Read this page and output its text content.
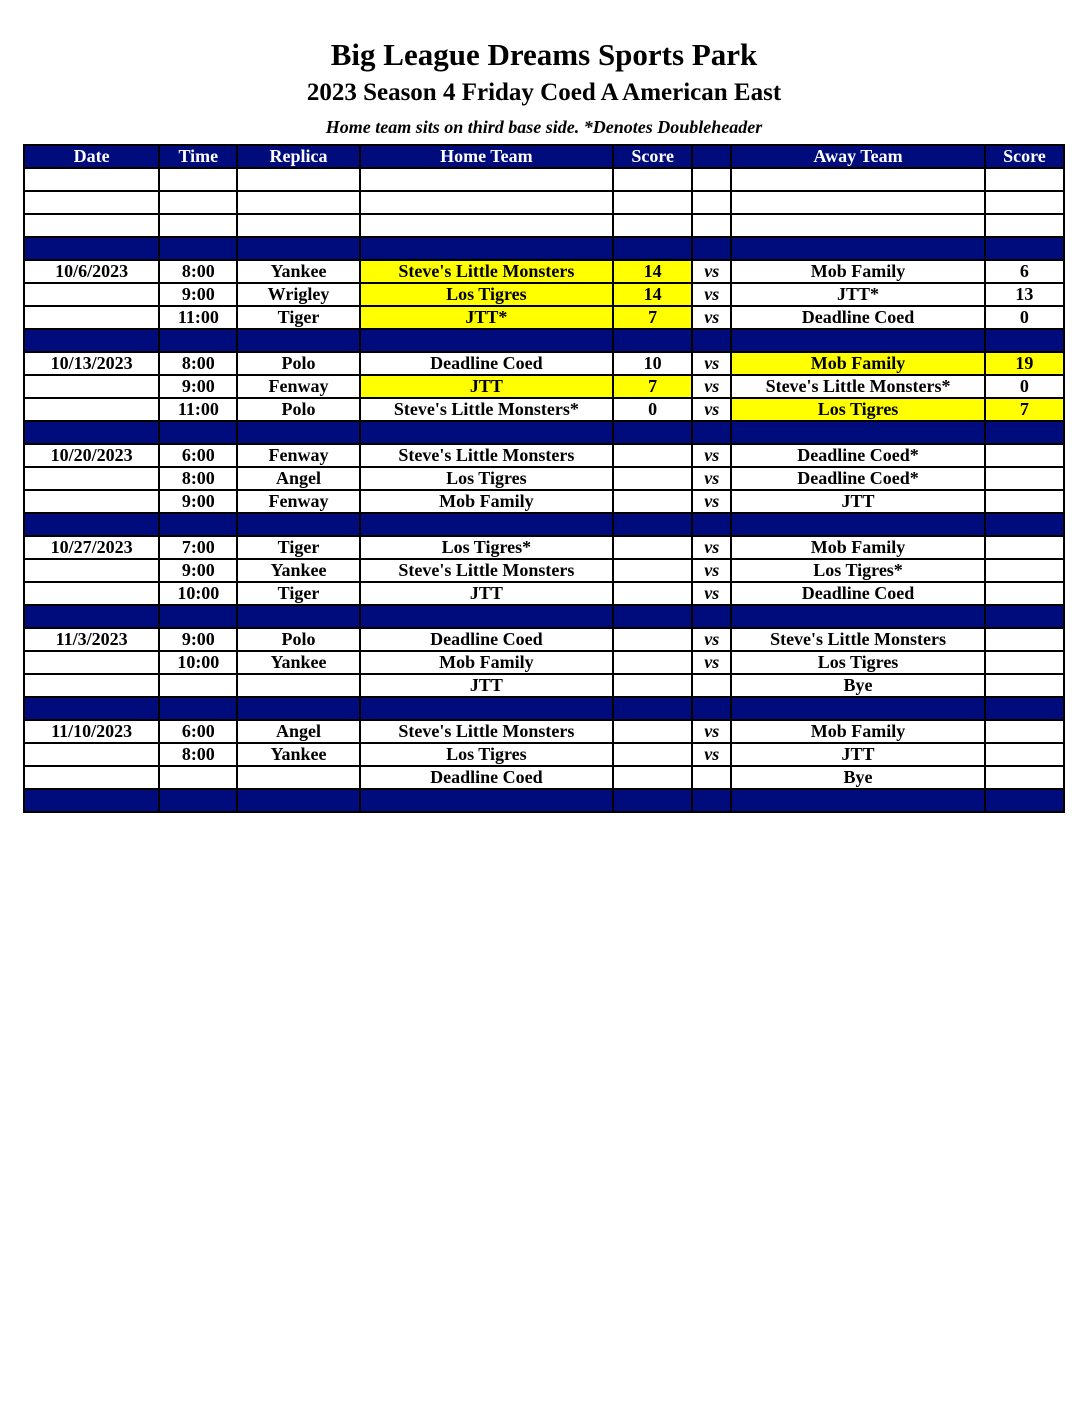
Big League Dreams Sports Park
2023 Season 4 Friday Coed A American East
Home team sits on third base side. *Denotes Doubleheader
Date	Time	Replica	Home Team	Score		Away Team	Score

10/6/2023	8:00	Yankee	Steve's Little Monsters	14	vs	Mob Family	6
	9:00	Wrigley	Los Tigres	14	vs	JTT*	13
	11:00	Tiger	JTT*	7	vs	Deadline Coed	0

10/13/2023	8:00	Polo	Deadline Coed	10	vs	Mob Family	19
	9:00	Fenway	JTT	7	vs	Steve's Little Monsters*	0
	11:00	Polo	Steve's Little Monsters*	0	vs	Los Tigres	7

10/20/2023	6:00	Fenway	Steve's Little Monsters		vs	Deadline Coed*	
	8:00	Angel	Los Tigres		vs	Deadline Coed*	
	9:00	Fenway	Mob Family		vs	JTT	

10/27/2023	7:00	Tiger	Los Tigres*		vs	Mob Family	
	9:00	Yankee	Steve's Little Monsters		vs	Los Tigres*	
	10:00	Tiger	JTT		vs	Deadline Coed	

11/3/2023	9:00	Polo	Deadline Coed		vs	Steve's Little Monsters	
	10:00	Yankee	Mob Family		vs	Los Tigres	
			JTT			Bye	

11/10/2023	6:00	Angel	Steve's Little Monsters		vs	Mob Family	
	8:00	Yankee	Los Tigres		vs	JTT	
			Deadline Coed			Bye	
